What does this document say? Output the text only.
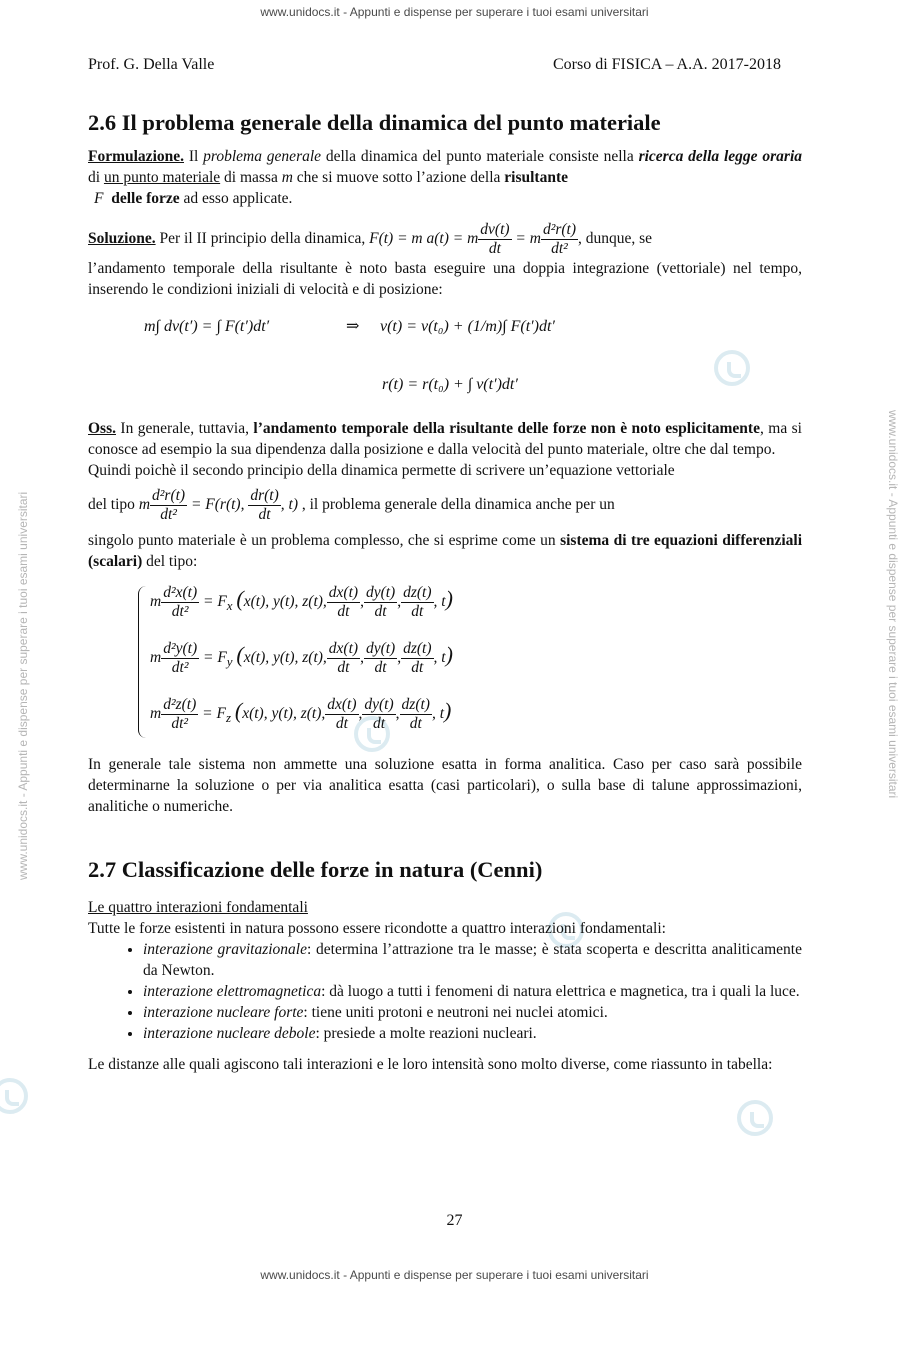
www.unidocs.it - Appunti e dispense per superare i tuoi esami universitari
www.unidocs.it - Appunti e dispense per superare i tuoi esami universitari
www.unidocs.it - Appunti e dispense per superare i tuoi esami universitari	www.unidocs.it - Appunti e dispense per superare i tuoi esami universitari
Prof. G. Della Valle	Corso di FISICA – A.A. 2017-2018
2.6 Il problema generale della dinamica del punto materiale

Formulazione. Il problema generale della dinamica del punto materiale consiste nella ricerca della legge oraria di un punto materiale di massa m che si muove sotto l’azione della risultante
F  delle forze ad esso applicate.

Soluzione. Per il II principio della dinamica, F(t) = m a(t) = m $\frac{dv(t)}{dt} = m \frac{\text{d²r(t)}}{\text{dt²}}$ , dunque, se

l’andamento temporale della risultante è noto basta eseguire una doppia integrazione (vettoriale) nel tempo, inserendo le condizioni iniziali di velocità e di posizione:

m∫ dv(t′) = ∫ F(t′)dt′	⇒ v(t) = v(t₀) + (1/m)∫ F(t′)dt′
r(t) = r(t₀) + ∫ v(t′)dt′

Oss. In generale, tuttavia, l’andamento temporale della risultante delle forze non è noto esplicitamente, ma si conosce ad esempio la sua dipendenza dalla posizione e dalla velocità del punto materiale, oltre che dal tempo.

Quindi poichè il secondo principio della dinamica permette di scrivere un’equazione vettoriale

del tipo m $\frac{\text{d²r(t)}}{\text{dt²}} = F(r(t)$, $\frac{dr(t)}{dt}$ , t) , il problema generale della dinamica anche per un

singolo punto materiale è un problema complesso, che si esprime come un sistema di tre equazioni differenziali (scalari) del tipo:

m $\frac{\text{d²x(t)}}{\text{dt²}} = F_x$ (x(t), y(t), z(t), $\frac{dx(t)}{dt}$ , $\frac{dy(t)}{dt}$ , $\frac{dz(t)}{dt}$ , t)
m $\frac{\text{d²y(t)}}{\text{dt²}} = F_y$ (x(t), y(t), z(t), $\frac{dx(t)}{dt}$ , $\frac{dy(t)}{dt}$ , $\frac{dz(t)}{dt}$ , t)
m $\frac{\text{d²z(t)}}{\text{dt²}} = F_z$ (x(t), y(t), z(t), $\frac{dx(t)}{dt}$ , $\frac{dy(t)}{dt}$ , $\frac{dz(t)}{dt}$ , t)

In generale tale sistema non ammette una soluzione esatta in forma analitica. Caso per caso sarà possibile determinarne la soluzione o per via analitica esatta (casi particolari), o sulla base di talune approssimazioni, analitiche o numeriche.

2.7 Classificazione delle forze in natura (Cenni)

Le quattro interazioni fondamentali

Tutte le forze esistenti in natura possono essere ricondotte a quattro interazioni fondamentali:

• interazione gravitazionale: determina l’attrazione tra le masse; è stata scoperta e descritta analiticamente da Newton.
• interazione elettromagnetica: dà luogo a tutti i fenomeni di natura elettrica e magnetica, tra i quali la luce.
• interazione nucleare forte: tiene uniti protoni e neutroni nei nuclei atomici.
• interazione nucleare debole: presiede a molte reazioni nucleari.

Le distanze alle quali agiscono tali interazioni e le loro intensità sono molto diverse, come riassunto in tabella:

27
